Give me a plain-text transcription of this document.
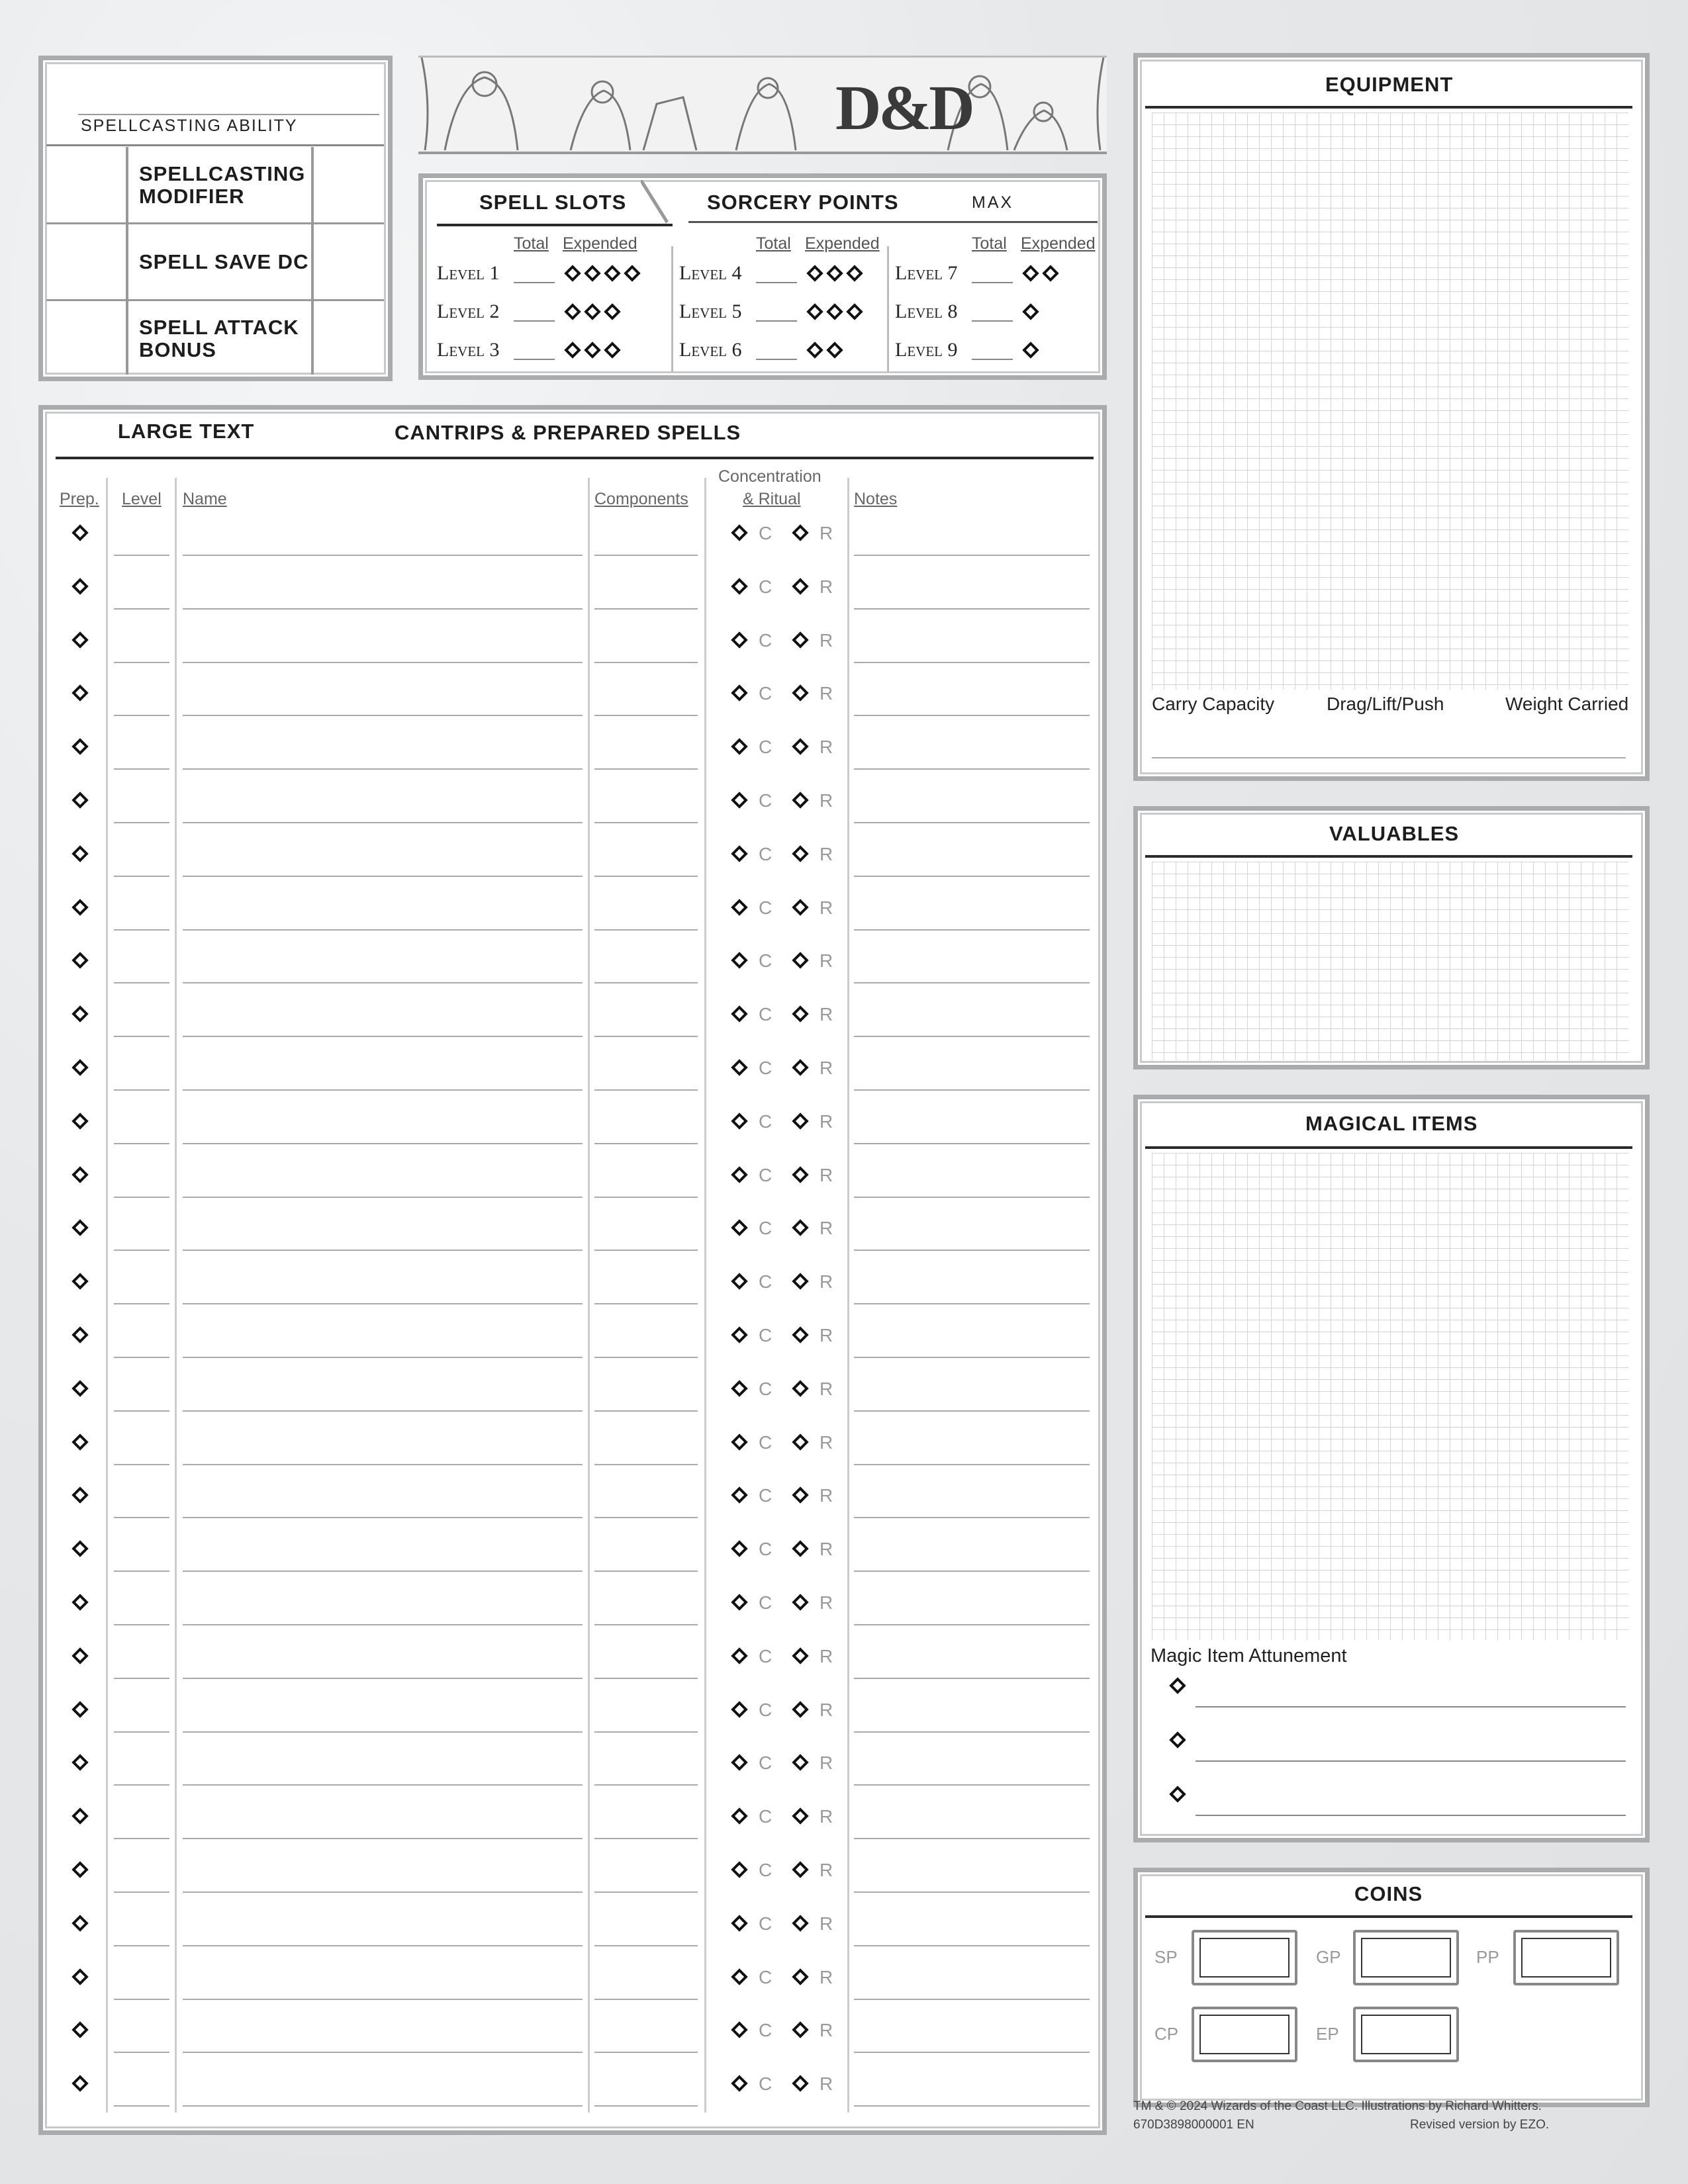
SPELLCASTING ABILITY
SPELLCASTING MODIFIER
SPELL SAVE DC
SPELL ATTACK BONUS
D&D
SPELL SLOTS	SORCERY POINTS	MAX
Total Expended
Level 1
Level 2
Level 3
Total Expended
Level 4
Level 5
Level 6
Total Expended
Level 7
Level 8
Level 9
LARGE TEXT	CANTRIPS & PREPARED SPELLS
Prep. Level Name	Components
Concentration
& Ritual	Notes
C	R
C	R
C	R
C	R
C	R
C	R
C	R
C	R
C	R
C	R
C	R
C	R
C	R
C	R
C	R
C	R
C	R
C	R
C	R
C	R
C	R
C	R
C	R
C	R
C	R
C	R
C	R
C	R
C	R
C	R
EQUIPMENT
Carry Capacity	Drag/Lift/Push	Weight Carried
VALUABLES
MAGICAL ITEMS
Magic Item Attunement
COINS
SP	GP	PP
CP	EP
TM & © 2024 Wizards of the Coast LLC. Illustrations by Richard Whitters.
670D3898000001 EN	Revised version by EZO.
